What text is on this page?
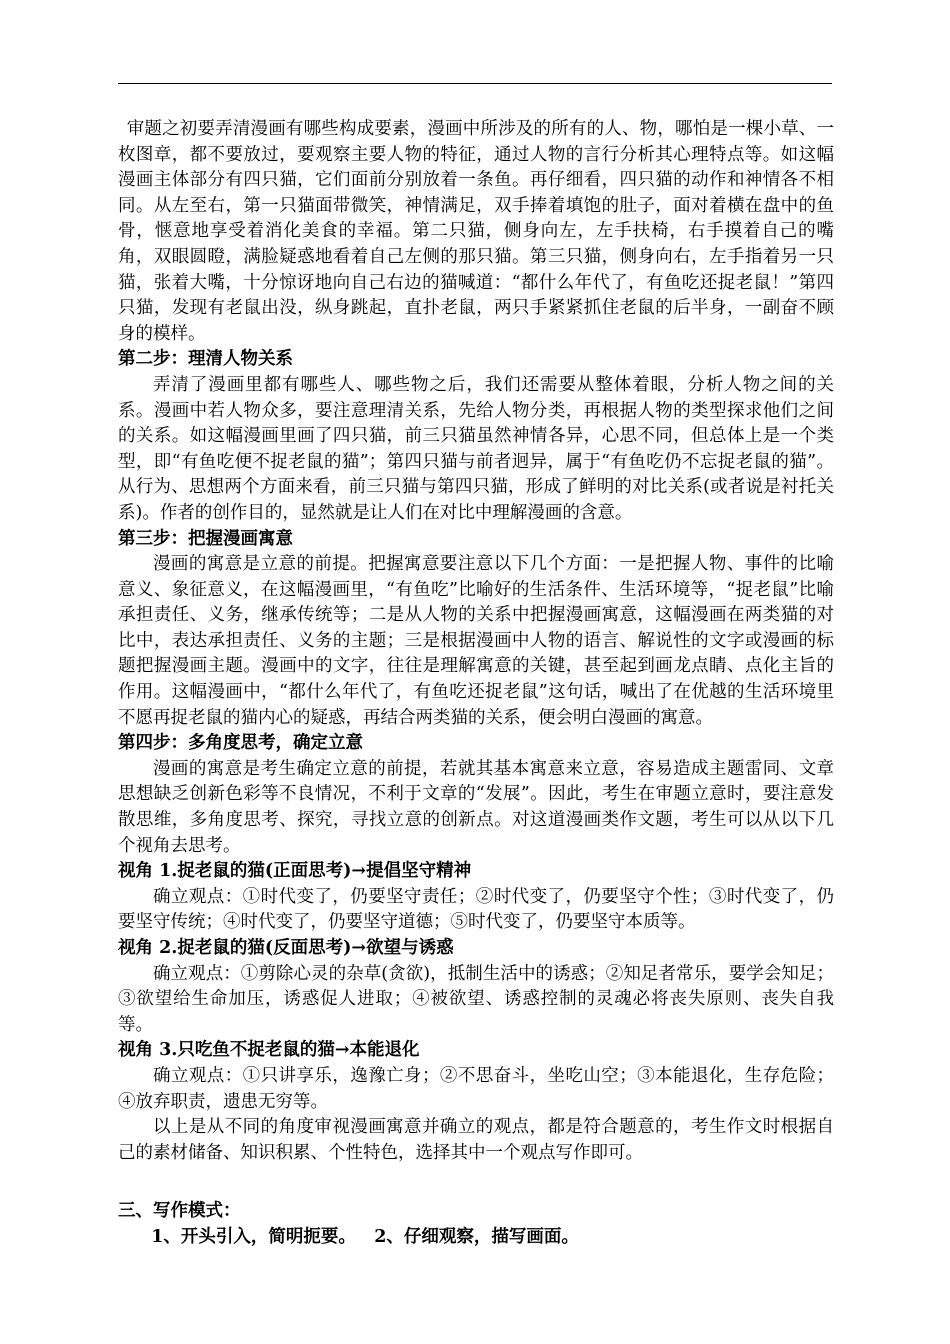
审题之初要弄清漫画有哪些构成要素，漫画中所涉及的所有的人、物，哪怕是一棵小草、一枚图章，都不要放过，要观察主要人物的特征，通过人物的言行分析其心理特点等。如这幅漫画主体部分有四只猫，它们面前分别放着一条鱼。再仔细看，四只猫的动作和神情各不相同。从左至右，第一只猫面带微笑，神情满足，双手捧着填饱的肚子，面对着横在盘中的鱼骨，惬意地享受着消化美食的幸福。第二只猫，侧身向左，左手扶椅，右手摸着自己的嘴角，双眼圆瞪，满脸疑惑地看着自己左侧的那只猫。第三只猫，侧身向右，左手指着另一只猫，张着大嘴，十分惊讶地向自己右边的猫喊道：“都什么年代了，有鱼吃还捉老鼠！”第四只猫，发现有老鼠出没，纵身跳起，直扑老鼠，两只手紧紧抓住老鼠的后半身，一副奋不顾身的模样。

第二步：理清人物关系

弄清了漫画里都有哪些人、哪些物之后，我们还需要从整体着眼，分析人物之间的关系。漫画中若人物众多，要注意理清关系，先给人物分类，再根据人物的类型探求他们之间的关系。如这幅漫画里画了四只猫，前三只猫虽然神情各异，心思不同，但总体上是一个类型，即“有鱼吃便不捉老鼠的猫”；第四只猫与前者迥异，属于“有鱼吃仍不忘捉老鼠的猫”。从行为、思想两个方面来看，前三只猫与第四只猫，形成了鲜明的对比关系(或者说是衬托关系)。作者的创作目的，显然就是让人们在对比中理解漫画的含意。

第三步：把握漫画寓意

漫画的寓意是立意的前提。把握寓意要注意以下几个方面：一是把握人物、事件的比喻意义、象征意义，在这幅漫画里，“有鱼吃”比喻好的生活条件、生活环境等，“捉老鼠”比喻承担责任、义务，继承传统等；二是从人物的关系中把握漫画寓意，这幅漫画在两类猫的对比中，表达承担责任、义务的主题；三是根据漫画中人物的语言、解说性的文字或漫画的标题把握漫画主题。漫画中的文字，往往是理解寓意的关键，甚至起到画龙点睛、点化主旨的作用。这幅漫画中，“都什么年代了，有鱼吃还捉老鼠”这句话，喊出了在优越的生活环境里不愿再捉老鼠的猫内心的疑惑，再结合两类猫的关系，便会明白漫画的寓意。

第四步：多角度思考，确定立意

漫画的寓意是考生确定立意的前提，若就其基本寓意来立意，容易造成主题雷同、文章思想缺乏创新色彩等不良情况，不利于文章的“发展”。因此，考生在审题立意时，要注意发散思维，多角度思考、探究，寻找立意的创新点。对这道漫画类作文题，考生可以从以下几个视角去思考。

视角 1.捉老鼠的猫(正面思考)→提倡坚守精神

确立观点：①时代变了，仍要坚守责任；②时代变了，仍要坚守个性；③时代变了，仍要坚守传统；④时代变了，仍要坚守道德；⑤时代变了，仍要坚守本质等。

视角 2.捉老鼠的猫(反面思考)→欲望与诱惑

确立观点：①剪除心灵的杂草(贪欲)，抵制生活中的诱惑；②知足者常乐，要学会知足；③欲望给生命加压，诱惑促人进取；④被欲望、诱惑控制的灵魂必将丧失原则、丧失自我等。

视角 3.只吃鱼不捉老鼠的猫→本能退化

确立观点：①只讲享乐，逸豫亡身；②不思奋斗，坐吃山空；③本能退化，生存危险；④放弃职责，遗患无穷等。

以上是从不同的角度审视漫画寓意并确立的观点，都是符合题意的，考生作文时根据自己的素材储备、知识积累、个性特色，选择其中一个观点写作即可。

三、写作模式：

1、开头引入，简明扼要。   2、仔细观察，描写画面。
